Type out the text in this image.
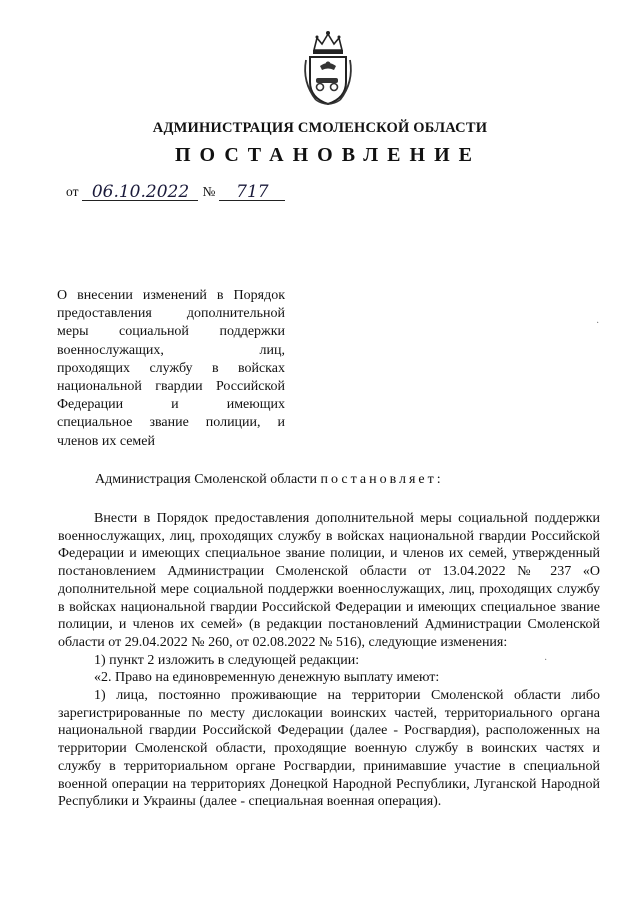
АДМИНИСТРАЦИЯ СМОЛЕНСКОЙ ОБЛАСТИ
ПОСТАНОВЛЕНИЕ
от 06.10.2022 №	717
О внесении изменений в Порядок
предоставления дополнительной
меры социальной поддержки
военнослужащих, лиц,
проходящих службу в войсках
национальной гвардии Российской
Федерации и имеющих
специальное звание полиции, и
членов их семей
Администрация Смоленской области постановляет:

Внести в Порядок предоставления дополнительной меры социальной поддержки военнослужащих, лиц, проходящих службу в войсках национальной гвардии Российской Федерации и имеющих специальное звание полиции, и членов их семей, утвержденный постановлением Администрации Смоленской области от 13.04.2022 № 237 «О дополнительной мере социальной поддержки военнослужащих, лиц, проходящих службу в войсках национальной гвардии Российской Федерации и имеющих специальное звание полиции, и членов их семей» (в редакции постановлений Администрации Смоленской области от 29.04.2022 № 260, от 02.08.2022 № 516), следующие изменения:

1) пункт 2 изложить в следующей редакции:

«2. Право на единовременную денежную выплату имеют:

1) лица, постоянно проживающие на территории Смоленской области либо зарегистрированные по месту дислокации воинских частей, территориального органа национальной гвардии Российской Федерации (далее - Росгвардия), расположенных на территории Смоленской области, проходящие военную службу в воинских частях и службу в территориальном органе Росгвардии, принимавшие участие в специальной военной операции на территориях Донецкой Народной Республики, Луганской Народной Республики и Украины (далее - специальная военная операция).

·
·
